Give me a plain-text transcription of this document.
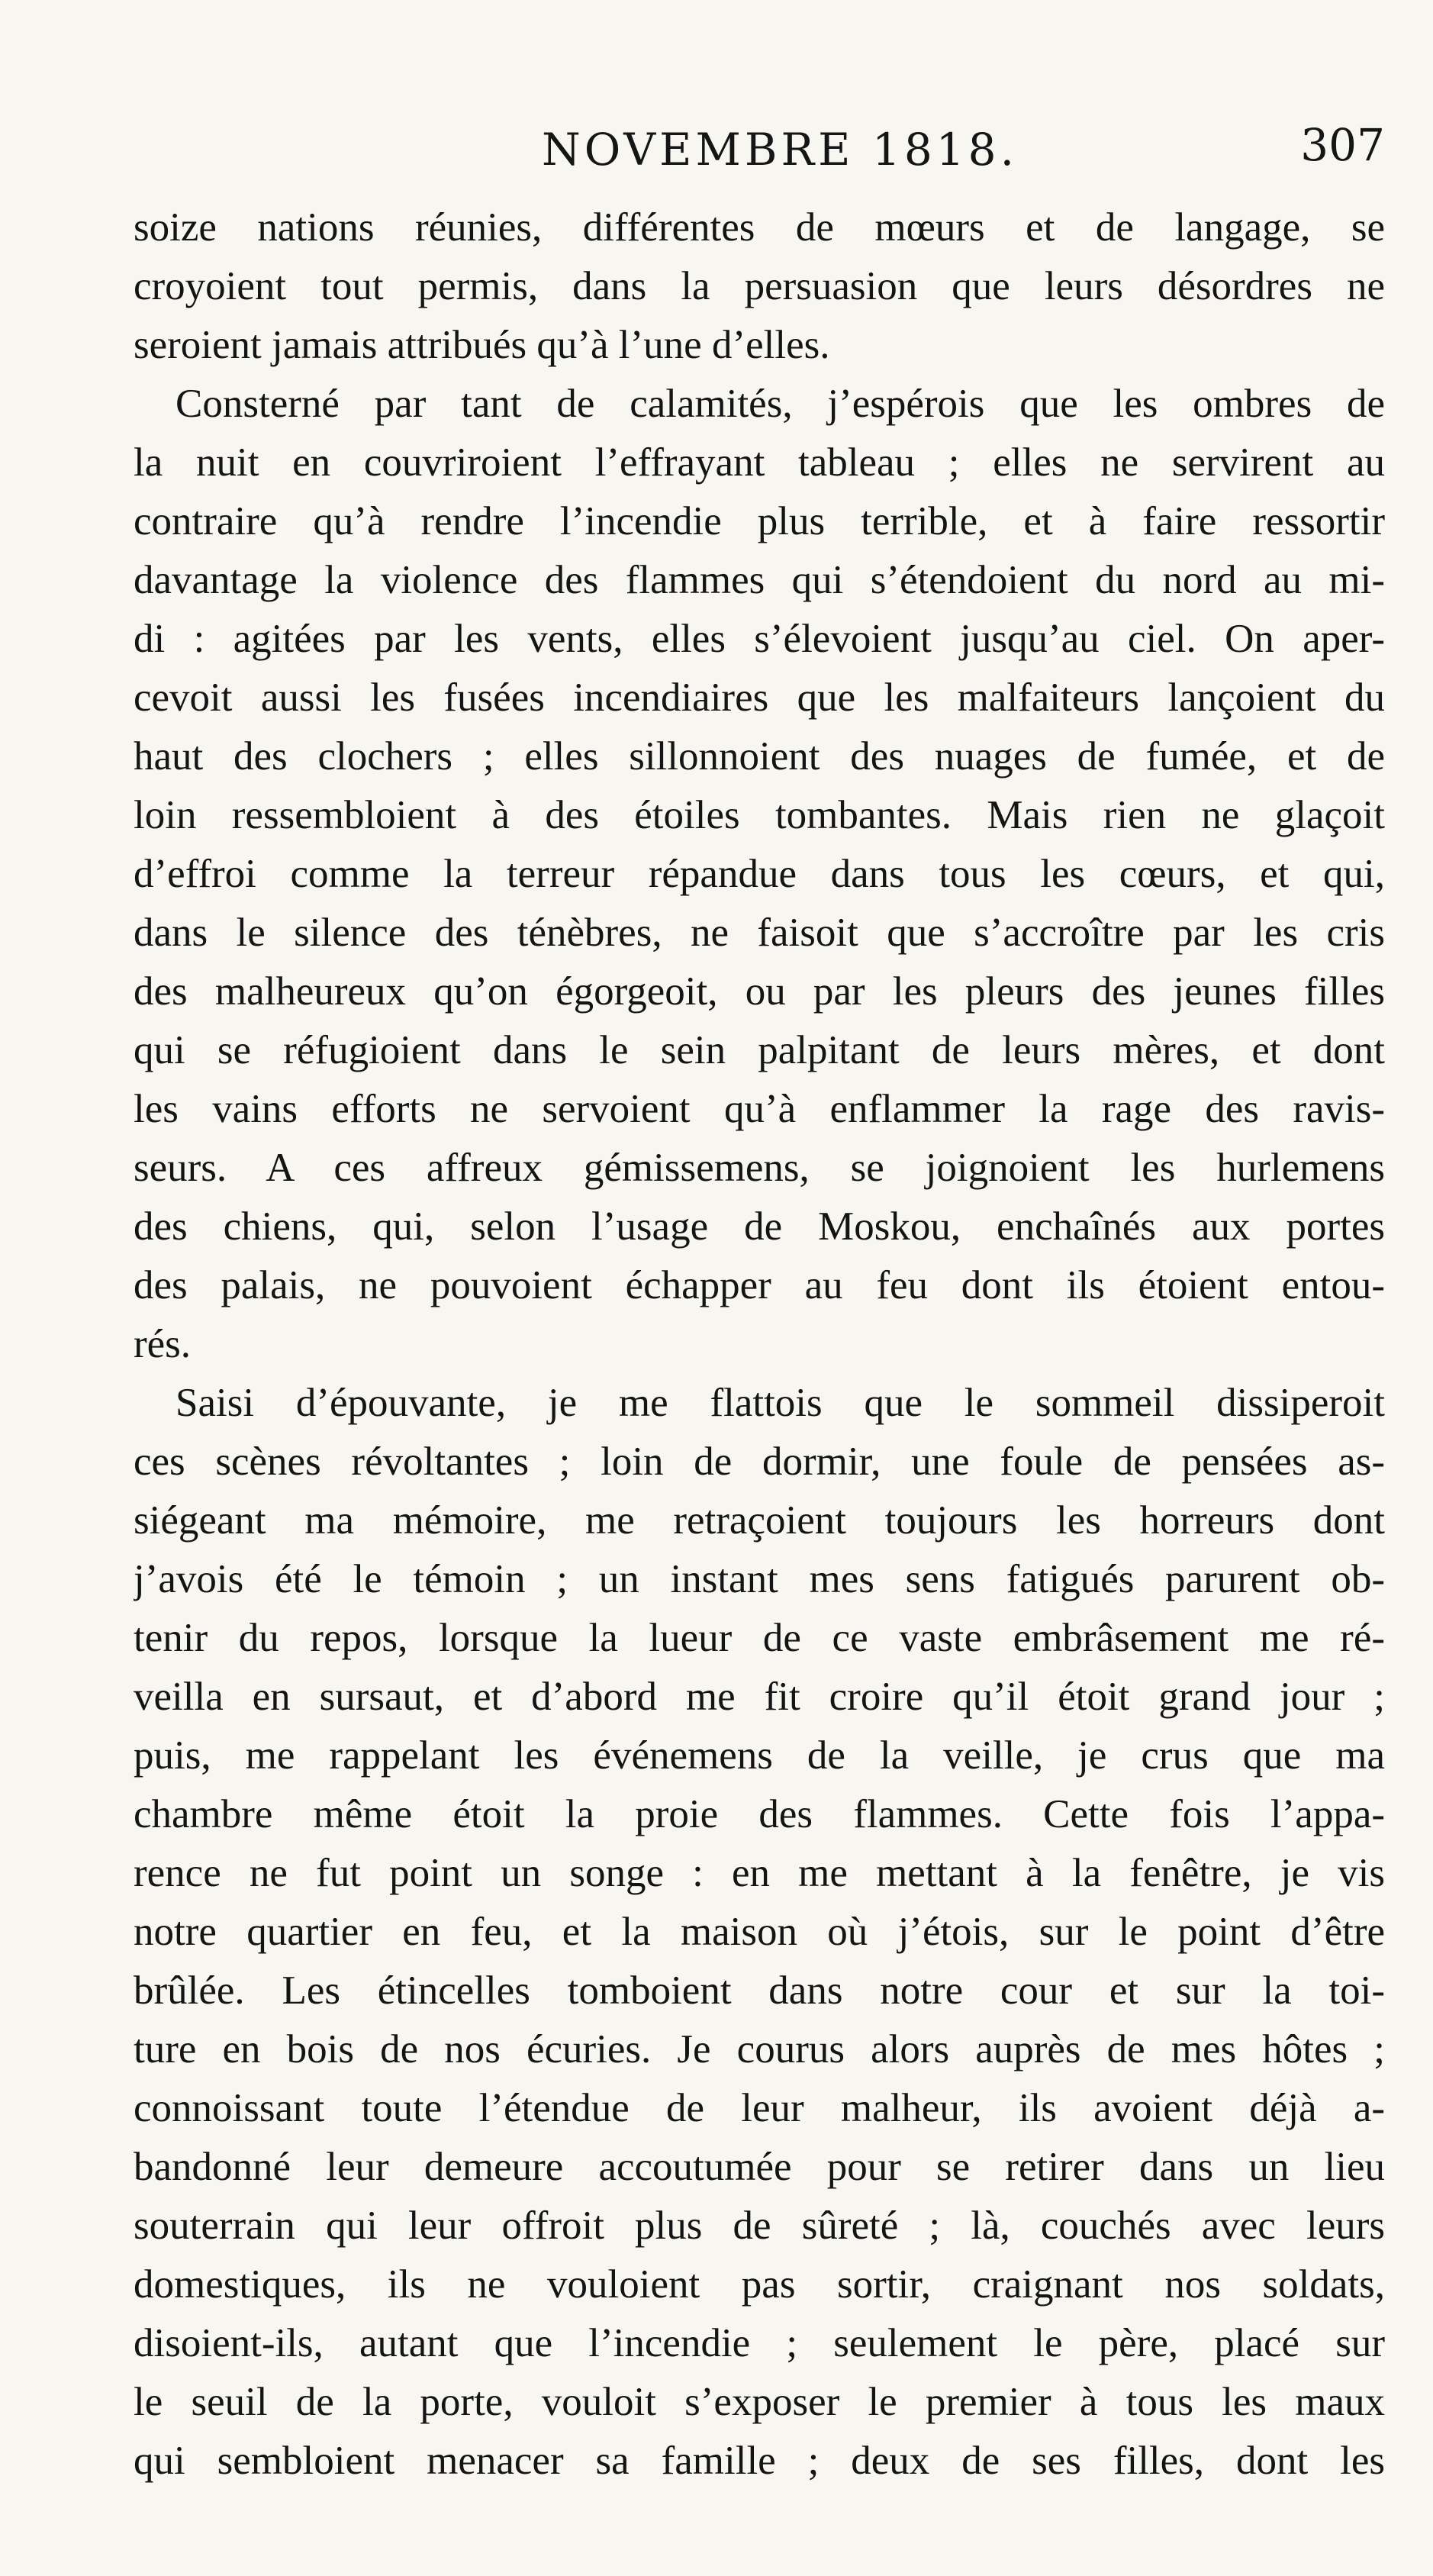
NOVEMBRE 1818.	307
soize nations réunies, différentes de mœurs et de langage, se
croyoient tout permis, dans la persuasion que leurs désordres ne
seroient jamais attribués qu’à l’une d’elles.
Consterné par tant de calamités, j’espérois que les ombres de
la nuit en couvriroient l’effrayant tableau ; elles ne servirent au
contraire qu’à rendre l’incendie plus terrible, et à faire ressortir
davantage la violence des flammes qui s’étendoient du nord au mi-
di : agitées par les vents, elles s’élevoient jusqu’au ciel. On aper-
cevoit aussi les fusées incendiaires que les malfaiteurs lançoient du
haut des clochers ; elles sillonnoient des nuages de fumée, et de
loin ressembloient à des étoiles tombantes. Mais rien ne glaçoit
d’effroi comme la terreur répandue dans tous les cœurs, et qui,
dans le silence des ténèbres, ne faisoit que s’accroître par les cris
des malheureux qu’on égorgeoit, ou par les pleurs des jeunes filles
qui se réfugioient dans le sein palpitant de leurs mères, et dont
les vains efforts ne servoient qu’à enflammer la rage des ravis-
seurs. A ces affreux gémissemens, se joignoient les hurlemens
des chiens, qui, selon l’usage de Moskou, enchaînés aux portes
des palais, ne pouvoient échapper au feu dont ils étoient entou-
rés.
Saisi d’épouvante, je me flattois que le sommeil dissiperoit
ces scènes révoltantes ; loin de dormir, une foule de pensées as-
siégeant ma mémoire, me retraçoient toujours les horreurs dont
j’avois été le témoin ; un instant mes sens fatigués parurent ob-
tenir du repos, lorsque la lueur de ce vaste embrâsement me ré-
veilla en sursaut, et d’abord me fit croire qu’il étoit grand jour ;
puis, me rappelant les événemens de la veille, je crus que ma
chambre même étoit la proie des flammes. Cette fois l’appa-
rence ne fut point un songe : en me mettant à la fenêtre, je vis
notre quartier en feu, et la maison où j’étois, sur le point d’être
brûlée. Les étincelles tomboient dans notre cour et sur la toi-
ture en bois de nos écuries. Je courus alors auprès de mes hôtes ;
connoissant toute l’étendue de leur malheur, ils avoient déjà a-
bandonné leur demeure accoutumée pour se retirer dans un lieu
souterrain qui leur offroit plus de sûreté ; là, couchés avec leurs
domestiques, ils ne vouloient pas sortir, craignant nos soldats,
disoient-ils, autant que l’incendie ; seulement le père, placé sur
le seuil de la porte, vouloit s’exposer le premier à tous les maux
qui sembloient menacer sa famille ; deux de ses filles, dont les
